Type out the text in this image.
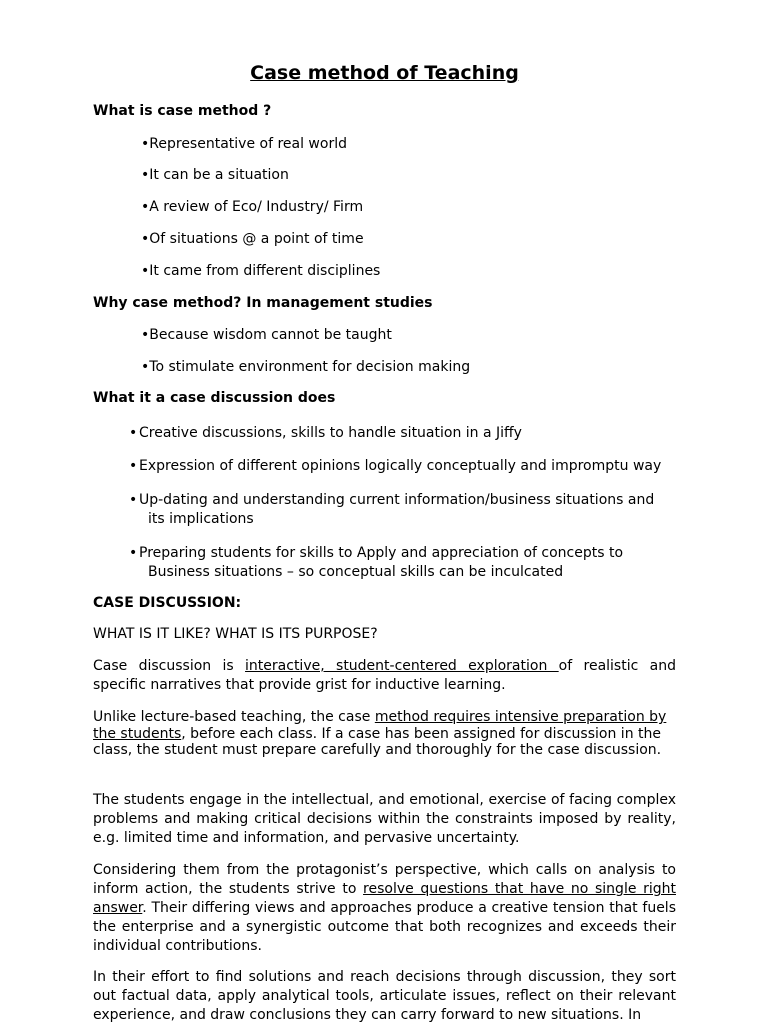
Case method of Teaching
What is case method ?
•Representative of real world
•It can be a situation
•A review of Eco/ Industry/ Firm
•Of situations @ a point of time
•It came from different disciplines
Why case method? In management studies
•Because wisdom cannot be taught
•To stimulate environment for decision making
What it a case discussion does
• Creative discussions, skills to handle situation in a Jiffy
• Expression of different opinions logically conceptually and impromptu way
• Up-dating and understanding current information/business situations and
its implications
• Preparing students for skills to Apply and appreciation of concepts to
Business situations – so conceptual skills can be inculcated
CASE DISCUSSION:
WHAT IS IT LIKE? WHAT IS ITS PURPOSE?
Case discussion is interactive, student-centered exploration of realistic and specific narratives that provide grist for inductive learning.
Unlike lecture-based teaching, the case method requires intensive preparation by the students, before each class. If a case has been assigned for discussion in the class, the student must prepare carefully and thoroughly for the case discussion.
The students engage in the intellectual, and emotional, exercise of facing complex problems and making critical decisions within the constraints imposed by reality, e.g. limited time and information, and pervasive uncertainty.
Considering them from the protagonist’s perspective, which calls on analysis to inform action, the students strive to resolve questions that have no single right answer. Their differing views and approaches produce a creative tension that fuels the enterprise and a synergistic outcome that both recognizes and exceeds their individual contributions.
In their effort to find solutions and reach decisions through discussion, they sort out factual data, apply analytical tools, articulate issues, reflect on their relevant experience, and draw conclusions they can carry forward to new situations. In
